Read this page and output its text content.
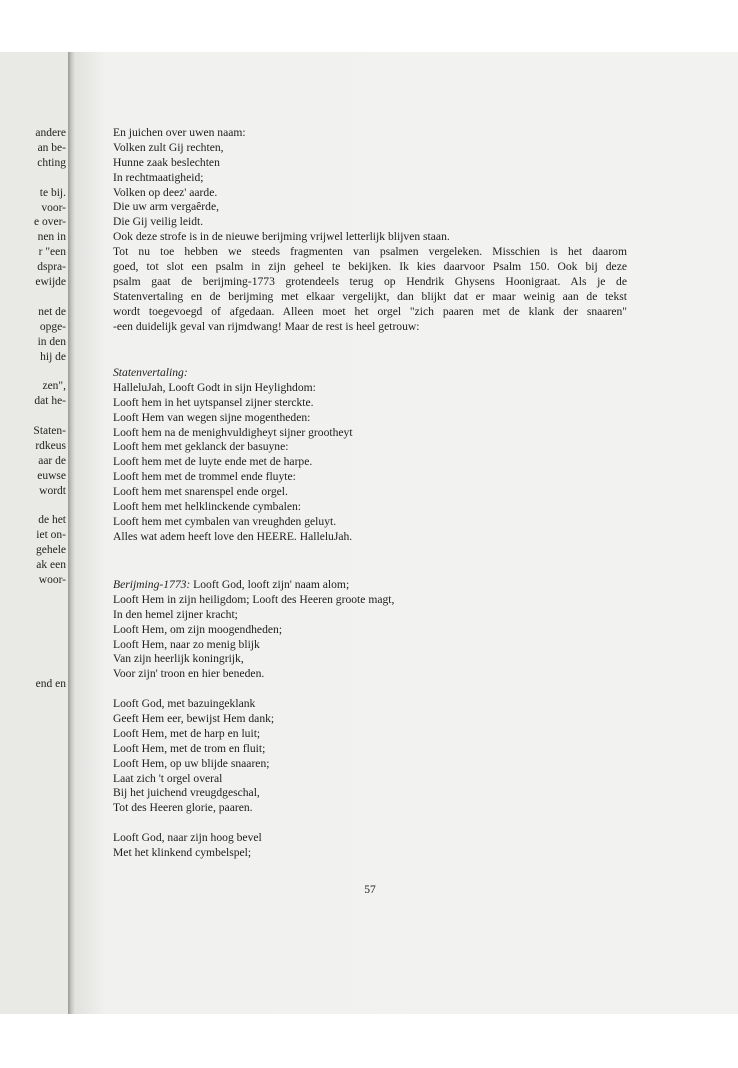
andere
an be-
chting
te bij.
voor-
e over-
nen in
r "een
dspra-
ewijde
net de
opge-
in den
hij de
zen",
dat he-
Staten-
rdkeus
aar de
euwse
wordt
de het
iet on-
gehele
ak een
woor-
end en
En juichen over uwen naam:
Volken zult Gij rechten,
Hunne zaak beslechten
In rechtmaatigheid;
Volken op deez' aarde.
Die uw arm vergaêrde,
Die Gij veilig leidt.
Ook deze strofe is in de nieuwe berijming vrijwel letterlijk blijven staan.
Tot nu toe hebben we steeds fragmenten van psalmen vergeleken. Misschien is het daarom
goed, tot slot een psalm in zijn geheel te bekijken. Ik kies daarvoor Psalm 150. Ook bij deze
psalm gaat de berijming-1773 grotendeels terug op Hendrik Ghysens Hoonigraat. Als je de
Statenvertaling en de berijming met elkaar vergelijkt, dan blijkt dat er maar weinig aan de tekst
wordt toegevoegd of afgedaan. Alleen moet het orgel "zich paaren met de klank der snaaren"
-een duidelijk geval van rijmdwang! Maar de rest is heel getrouw:
Statenvertaling:
HalleluJah, Looft Godt in sijn Heylighdom:
Looft hem in het uytspansel zijner sterckte.
Looft Hem van wegen sijne mogentheden:
Looft hem na de menighvuldigheyt sijner grootheyt
Looft hem met geklanck der basuyne:
Looft hem met de luyte ende met de harpe.
Looft hem met de trommel ende fluyte:
Looft hem met snarenspel ende orgel.
Looft hem met helklinckende cymbalen:
Looft hem met cymbalen van vreughden geluyt.
Alles wat adem heeft love den HEERE. HalleluJah.
Berijming-1773: Looft God, looft zijn' naam alom;
Looft Hem in zijn heiligdom; Looft des Heeren groote magt,
In den hemel zijner kracht;
Looft Hem, om zijn moogendheden;
Looft Hem, naar zo menig blijk
Van zijn heerlijk koningrijk,
Voor zijn' troon en hier beneden.
Looft God, met bazuingeklank
Geeft Hem eer, bewijst Hem dank;
Looft Hem, met de harp en luit;
Looft Hem, met de trom en fluit;
Looft Hem, op uw blijde snaaren;
Laat zich 't orgel overal
Bij het juichend vreugdgeschal,
Tot des Heeren glorie, paaren.
Looft God, naar zijn hoog bevel
Met het klinkend cymbelspel;
57
